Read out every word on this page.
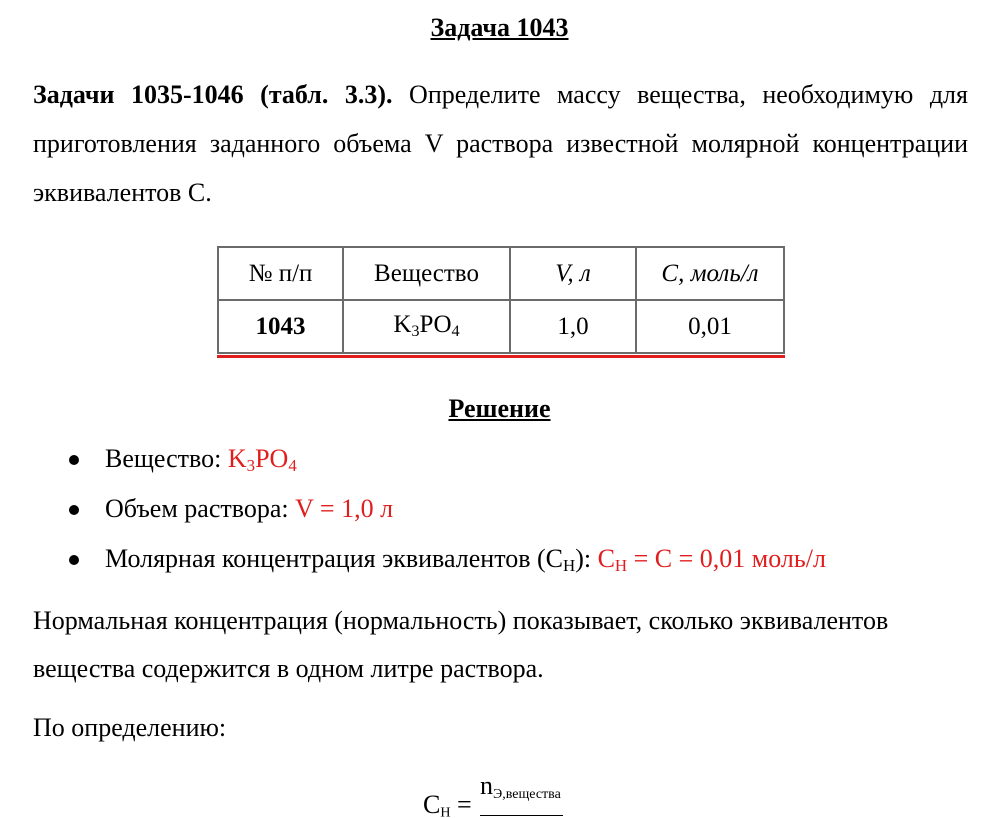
Задача 1043
Задачи 1035-1046 (табл. 3.3). Определите массу вещества, необходимую для приготовления заданного объема V раствора известной молярной концентрации эквивалентов С.
№ п/п	Вещество	V, л	C, моль/л
1043	$K_3PO_4$	1,0	0,01
Решение
Вещество: $K_3PO_4$
Объем раствора: V = 1,0 л
Молярная концентрация эквивалентов $(С_Н)$: $С_Н = С = 0,01$ моль/л
Нормальная концентрация (нормальность) показывает, сколько эквивалентов вещества содержится в одном литре раствора.
По определению:
$С_Н$ =
$n_{Э,вещества}$
